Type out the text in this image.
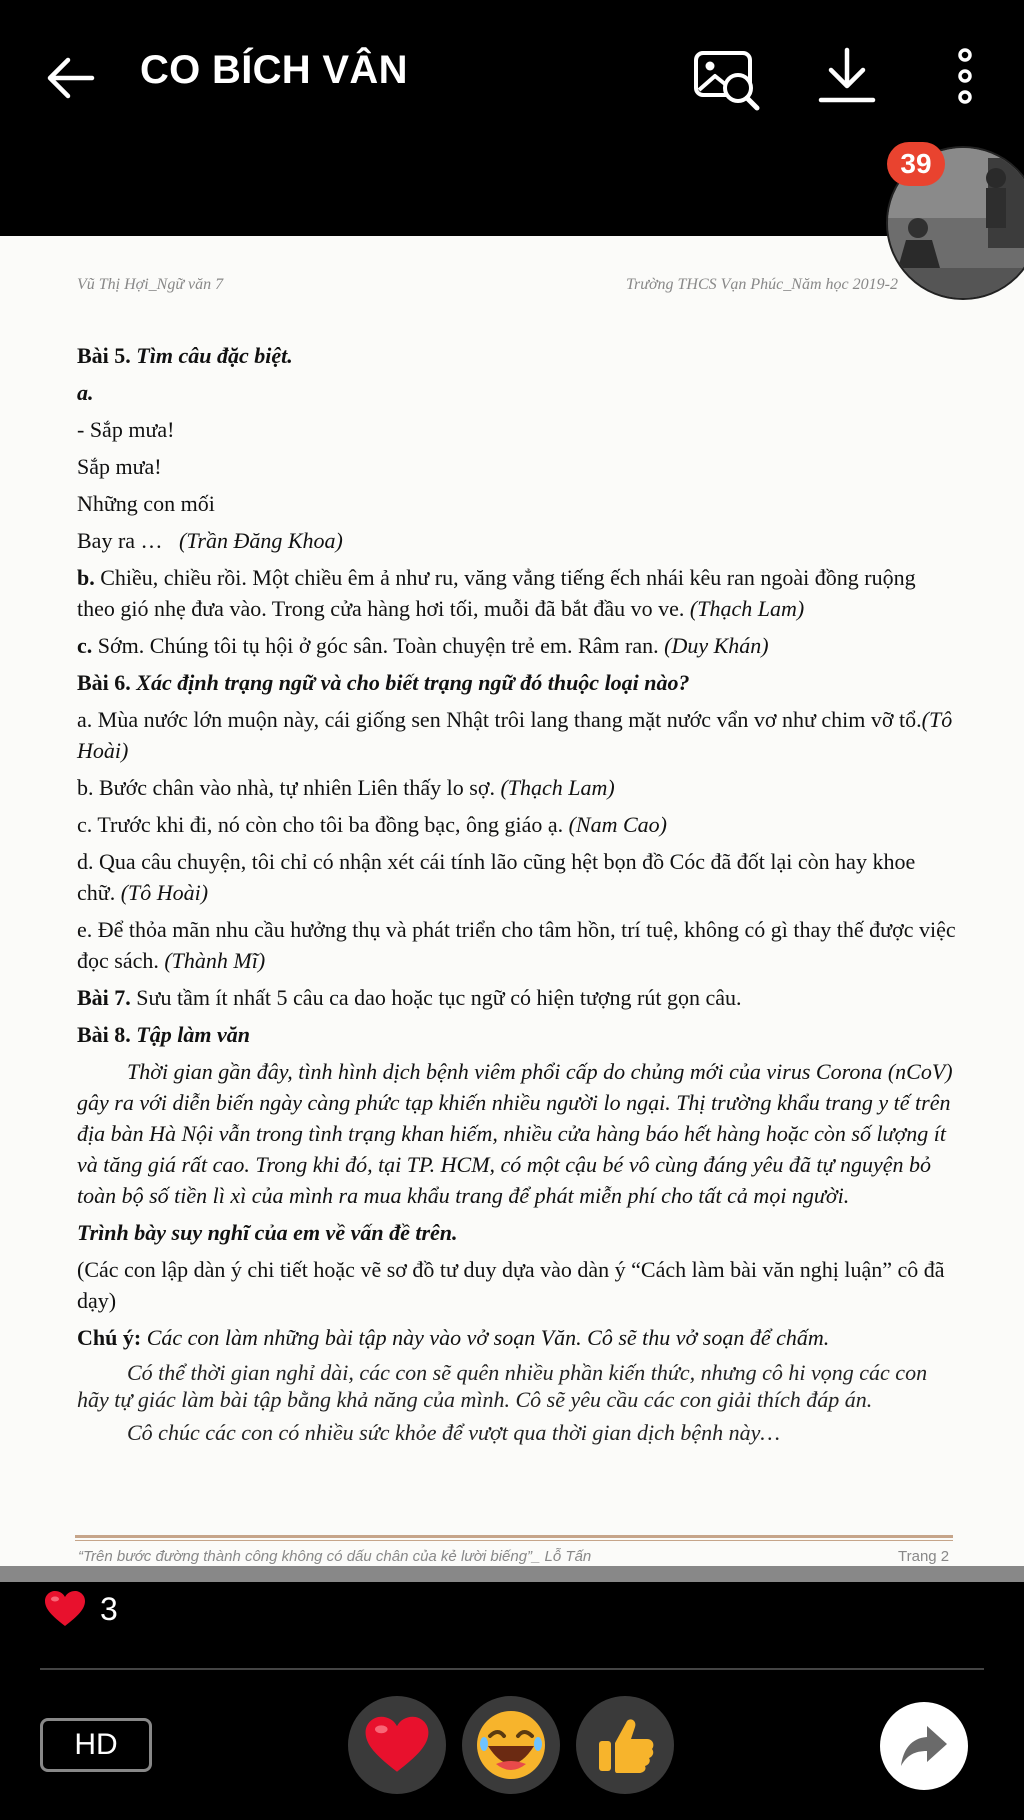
CO BÍCH VÂN
39
Vũ Thị Hợi_Ngữ văn 7	Trường THCS Vạn Phúc_Năm học 2019-2

Bài 5. Tìm câu đặc biệt.

a.

- Sắp mưa!

Sắp mưa!

Những con mối

Bay ra … (Trần Đăng Khoa)

b. Chiều, chiều rồi. Một chiều êm ả như ru, văng vẳng tiếng ếch nhái kêu ran ngoài đồng ruộng theo gió nhẹ đưa vào. Trong cửa hàng hơi tối, muỗi đã bắt đầu vo ve. (Thạch Lam)

c. Sớm. Chúng tôi tụ hội ở góc sân. Toàn chuyện trẻ em. Râm ran. (Duy Khán)

Bài 6. Xác định trạng ngữ và cho biết trạng ngữ đó thuộc loại nào?

a. Mùa nước lớn muộn này, cái giống sen Nhật trôi lang thang mặt nước vẩn vơ như chim vỡ tổ.(Tô Hoài)

b. Bước chân vào nhà, tự nhiên Liên thấy lo sợ. (Thạch Lam)

c. Trước khi đi, nó còn cho tôi ba đồng bạc, ông giáo ạ. (Nam Cao)

d. Qua câu chuyện, tôi chỉ có nhận xét cái tính lão cũng hệt bọn đồ Cóc đã đốt lại còn hay khoe chữ. (Tô Hoài)

e. Để thỏa mãn nhu cầu hưởng thụ và phát triển cho tâm hồn, trí tuệ, không có gì thay thế được việc đọc sách. (Thành Mĩ)

Bài 7. Sưu tầm ít nhất 5 câu ca dao hoặc tục ngữ có hiện tượng rút gọn câu.

Bài 8. Tập làm văn

Thời gian gần đây, tình hình dịch bệnh viêm phổi cấp do chủng mới của virus Corona (nCoV) gây ra với diễn biến ngày càng phức tạp khiến nhiều người lo ngại. Thị trường khẩu trang y tế trên địa bàn Hà Nội vẫn trong tình trạng khan hiếm, nhiều cửa hàng báo hết hàng hoặc còn số lượng ít và tăng giá rất cao. Trong khi đó, tại TP. HCM, có một cậu bé vô cùng đáng yêu đã tự nguyện bỏ toàn bộ số tiền lì xì của mình ra mua khẩu trang để phát miễn phí cho tất cả mọi người.

Trình bày suy nghĩ của em về vấn đề trên.

(Các con lập dàn ý chi tiết hoặc vẽ sơ đồ tư duy dựa vào dàn ý “Cách làm bài văn nghị luận” cô đã dạy)

Chú ý: Các con làm những bài tập này vào vở soạn Văn. Cô sẽ thu vở soạn để chấm.

Có thể thời gian nghỉ dài, các con sẽ quên nhiều phần kiến thức, nhưng cô hi vọng các con hãy tự giác làm bài tập bằng khả năng của mình. Cô sẽ yêu cầu các con giải thích đáp án.

Cô chúc các con có nhiều sức khỏe để vượt qua thời gian dịch bệnh này…

“Trên bước đường thành công không có dấu chân của kẻ lười biếng”_ Lỗ Tấn	Trang 2
3
HD
